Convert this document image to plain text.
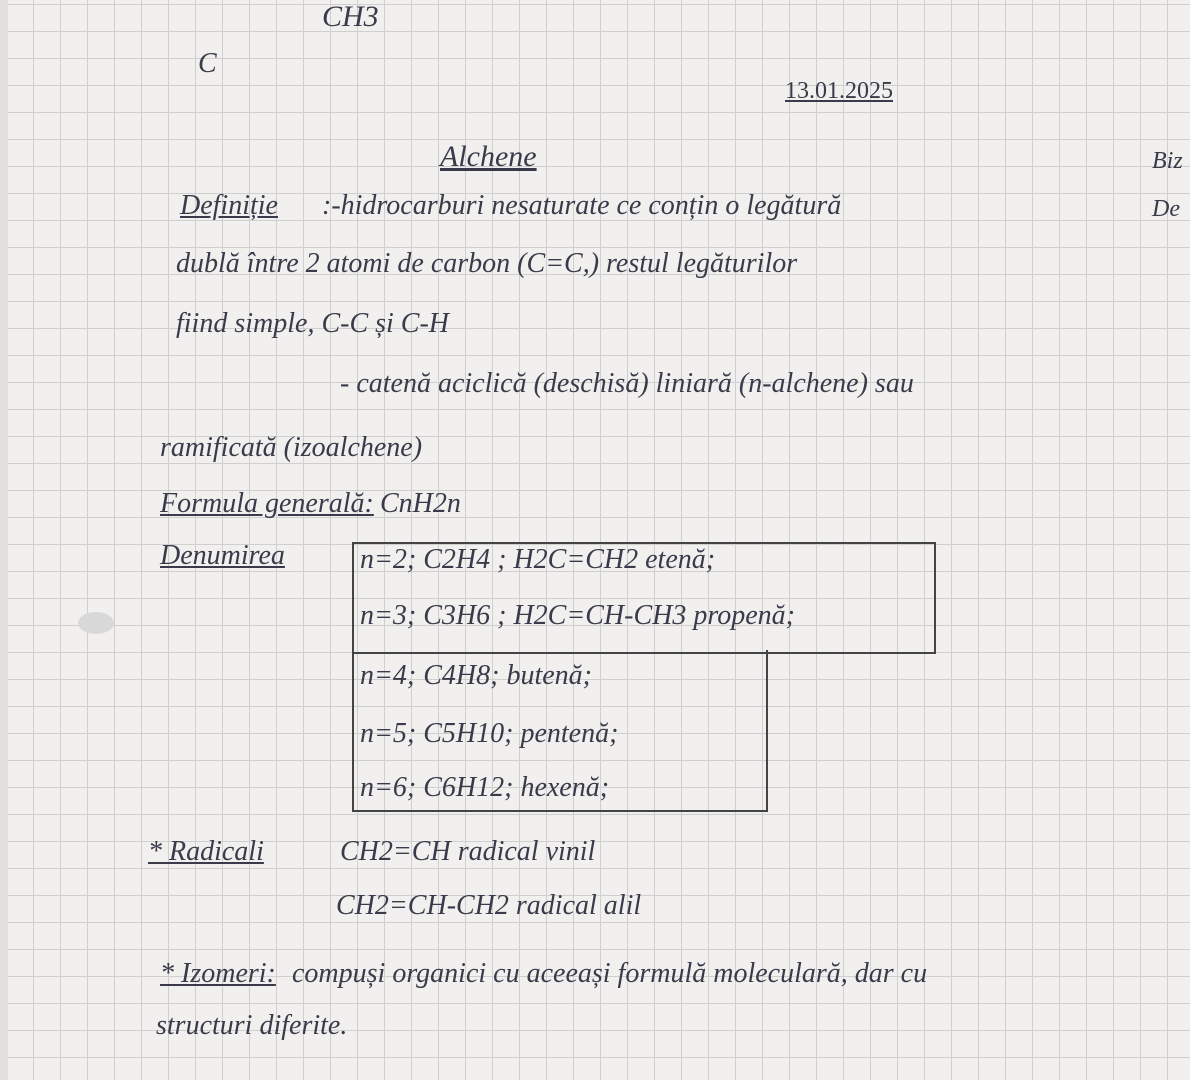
CH3
C
13.01.2025
Biz
De
Alchene
Definiție :-hidrocarburi nesaturate ce conțin o legătură
dublă între 2 atomi de carbon (C=C,) restul legăturilor
fiind simple, C-C și C-H
- catenă aciclică (deschisă) liniară (n-alchene) sau
ramificată (izoalchene)
Formula generală: CnH2n
Denumirea	n=2; C2H4 ; H2C=CH2 etenă;
n=3; C3H6 ; H2C=CH-CH3 propenă;
n=4; C4H8; butenă;
n=5; C5H10; pentenă;
n=6; C6H12; hexenă;
* Radicali	CH2=CH radical vinil
CH2=CH-CH2 radical alil
* Izomeri: compuși organici cu aceeași formulă moleculară, dar cu
structuri diferite.
